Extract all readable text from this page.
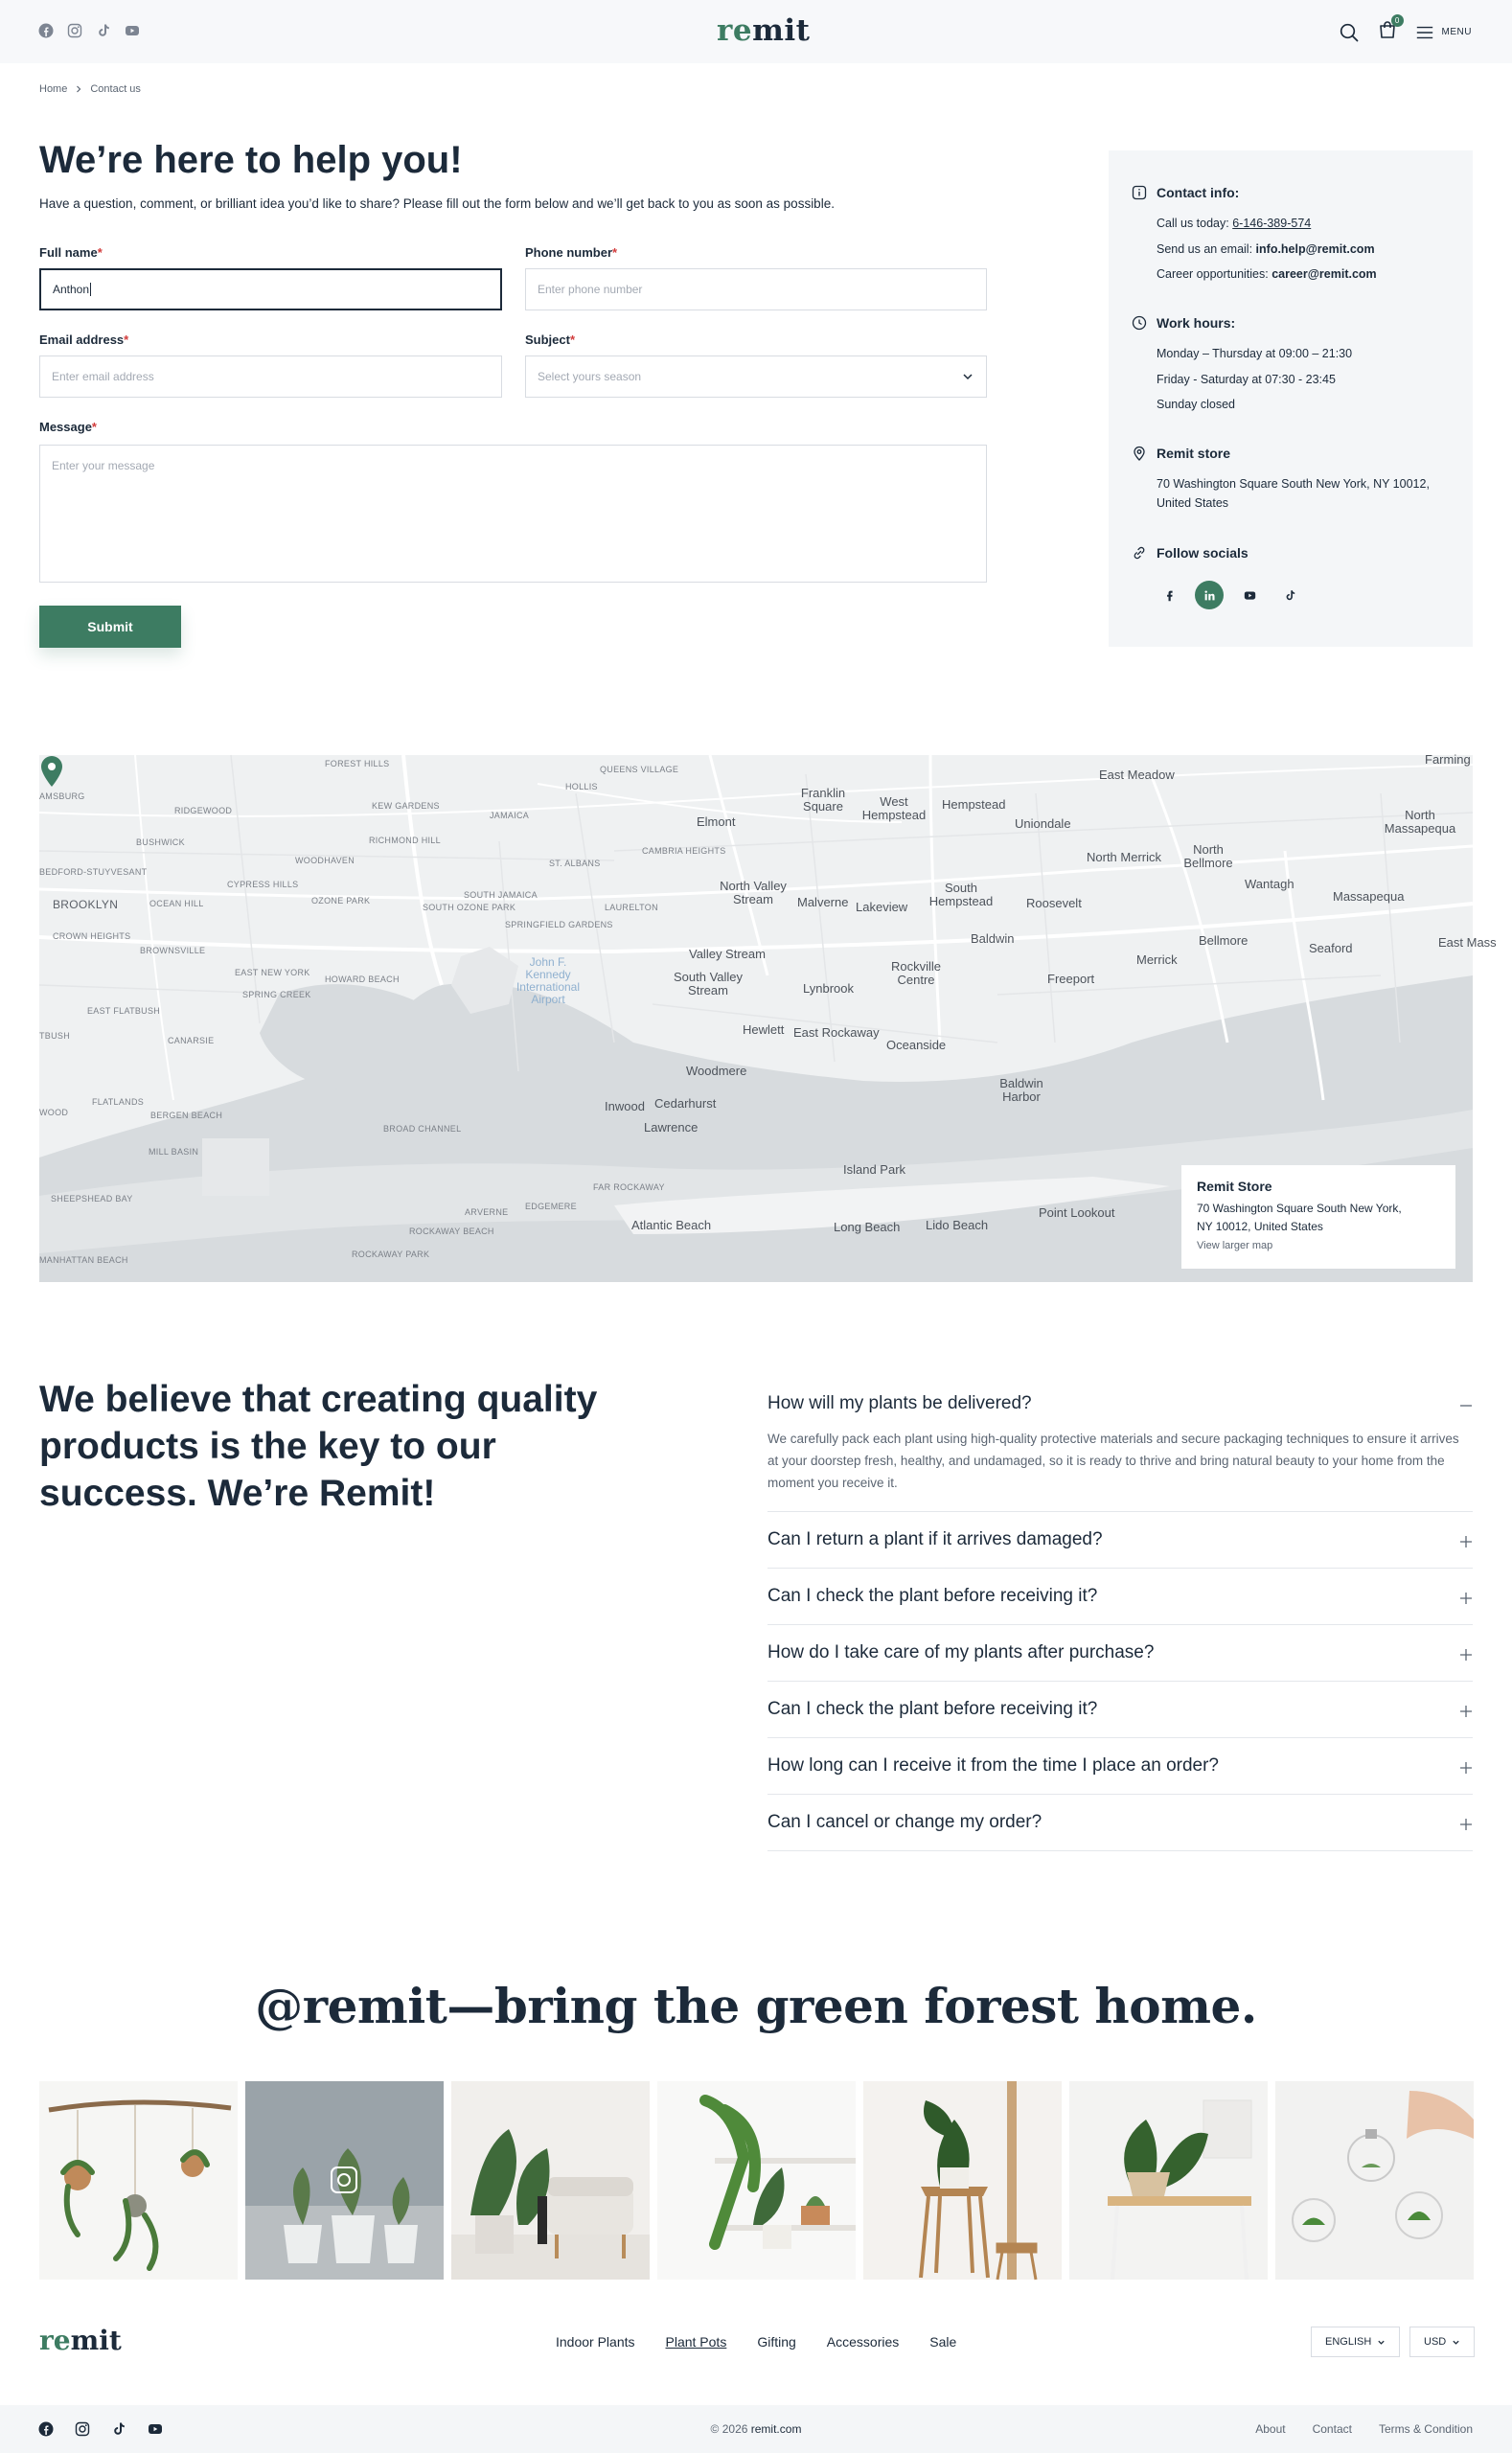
remit	0
MENU
Home Contact us
We’re here to help you!

Have a question, comment, or brilliant idea you’d like to share? Please fill out the form below and we’ll get back to you as soon as possible.

Full name*
Anthon
Phone number*
Enter phone number
Email address*
Enter email address
Subject*
Select yours season
Message*
Enter your message
Submit
Contact info:
Call us today: 6-146-389-574
Send us an email: info.help@remit.com
Career opportunities: career@remit.com
Work hours:
Monday – Thursday at 09:00 – 21:30
Friday - Saturday at 07:30 - 23:45
Sunday closed
Remit store
70 Washington Square South New York, NY 10012,
United States
Follow socials
FOREST HILLS
QUEENS VILLAGE
HOLLIS
JAMAICA
KEW GARDENS
RIDGEWOOD
BUSHWICK	RICHMOND HILL
WOODHAVEN
CAMBRIA HEIGHTS
ST. ALBANS
BEDFORD-STUYVESANT
CYPRESS HILLS
OZONE PARK
SOUTH JAMAICA
SOUTH OZONE PARK	LAURELTON
BROOKLYN	OCEAN HILL
SPRINGFIELD GARDENS
CROWN HEIGHTS
BROWNSVILLE
EAST NEW YORK
HOWARD BEACH
SPRING CREEK
EAST FLATBUSH
CANARSIE
FLATLANDS
BERGEN BEACH
MILL BASIN
BROAD CHANNEL
SHEEPSHEAD BAY
ARVERNE
EDGEMERE
FAR ROCKAWAY
ROCKAWAY BEACH
ROCKAWAY PARK
MANHATTAN BEACH
AMSBURG
TBUSH
WOOD
Franklin Square	West Hempstead
Hempstead
East Meadow
Elmont	Uniondale
North Massapequa
North Merrick
North Bellmore
North Valley Stream	Malverne Lakeview
South Hempstead	Roosevelt
Wantagh
Massapequa
Baldwin	Bellmore
Seaford
Valley Stream
Rockville Centre	Freeport
Merrick
South Valley Stream	Lynbrook
Hewlett East Rockaway
Oceanside
Woodmere
Baldwin Harbor
Inwood Cedarhurst
Lawrence
Island Park
Atlantic Beach	Long Beach Lido Beach
Point Lookout
John F. Kennedy International Airport
Farming
East Mass
Remit Store
70 Washington Square South New York,
NY 10012, United States
View larger map
We believe that creating quality products is the key to our success. We’re Remit!
How will my plants be delivered?
We carefully pack each plant using high-quality protective materials and secure packaging techniques to ensure it arrives at your doorstep fresh, healthy, and undamaged, so it is ready to thrive and bring natural beauty to your home from the moment you receive it.
Can I return a plant if it arrives damaged?
Can I check the plant before receiving it?
How do I take care of my plants after purchase?
Can I check the plant before receiving it?
How long can I receive it from the time I place an order?
Can I cancel or change my order?
@remit—bring the green forest home.
remit	Indoor Plants Plant Pots Gifting Accessories Sale	ENGLISH	USD
© 2026 remit.com	About Contact Terms & Condition
